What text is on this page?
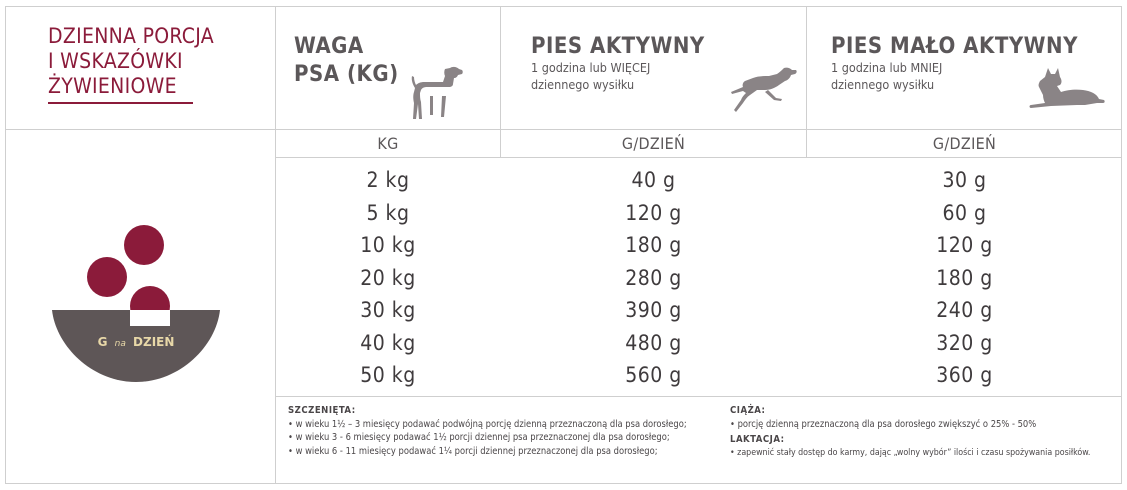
DZIENNA PORCJA
I WSKAZÓWKI
ŻYWIENIOWE
WAGA
PSA (KG)
PIES AKTYWNY
1 godzina lub WIĘCEJ
dziennego wysiłku
PIES MAŁO AKTYWNY
1 godzina lub MNIEJ
dziennego wysiłku
KG	G/DZIEŃ	G/DZIEŃ
2 kg
5 kg
10 kg
20 kg
30 kg
40 kg
50 kg
40 g
120 g
180 g
280 g
390 g
480 g
560 g
30 g
60 g
120 g
180 g
240 g
320 g
360 g
G na DZIEŃ
SZCZENIĘTA:
• w wieku 1½ – 3 miesięcy podawać podwójną porcję dzienną przeznaczoną dla psa dorosłego;
• w wieku 3 - 6 miesięcy podawać 1½ porcji dziennej psa przeznaczonej dla psa dorosłego;
• w wieku 6 - 11 miesięcy podawać 1¼ porcji dziennej przeznaczonej dla psa dorosłego;
CIĄŻA:
• porcję dzienną przeznaczoną dla psa dorosłego zwiększyć o 25% - 50%
LAKTACJA:
• zapewnić stały dostęp do karmy, dając „wolny wybór” ilości i czasu spożywania posiłków.
